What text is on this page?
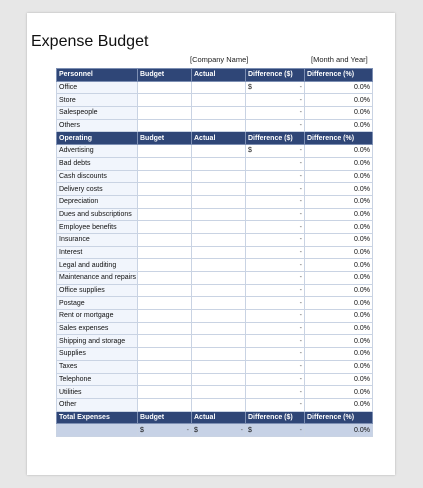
Expense Budget
[Company Name]	[Month and Year]
Personnel	Budget	Actual	Difference ($)	Difference (%)
Office			$ -	0.0%
Store			-	0.0%
Salespeople			-	0.0%
Others			-	0.0%
Operating	Budget	Actual	Difference ($)	Difference (%)
Advertising			$ -	0.0%
Bad debts			-	0.0%
Cash discounts			-	0.0%
Delivery costs			-	0.0%
Depreciation			-	0.0%
Dues and subscriptions			-	0.0%
Employee benefits			-	0.0%
Insurance			-	0.0%
Interest			-	0.0%
Legal and auditing			-	0.0%
Maintenance and repairs			-	0.0%
Office supplies			-	0.0%
Postage			-	0.0%
Rent or mortgage			-	0.0%
Sales expenses			-	0.0%
Shipping and storage			-	0.0%
Supplies			-	0.0%
Taxes			-	0.0%
Telephone			-	0.0%
Utilities			-	0.0%
Other			-	0.0%
Total Expenses	Budget	Actual	Difference ($)	Difference (%)

	$ -	$ -	$ -	0.0%
